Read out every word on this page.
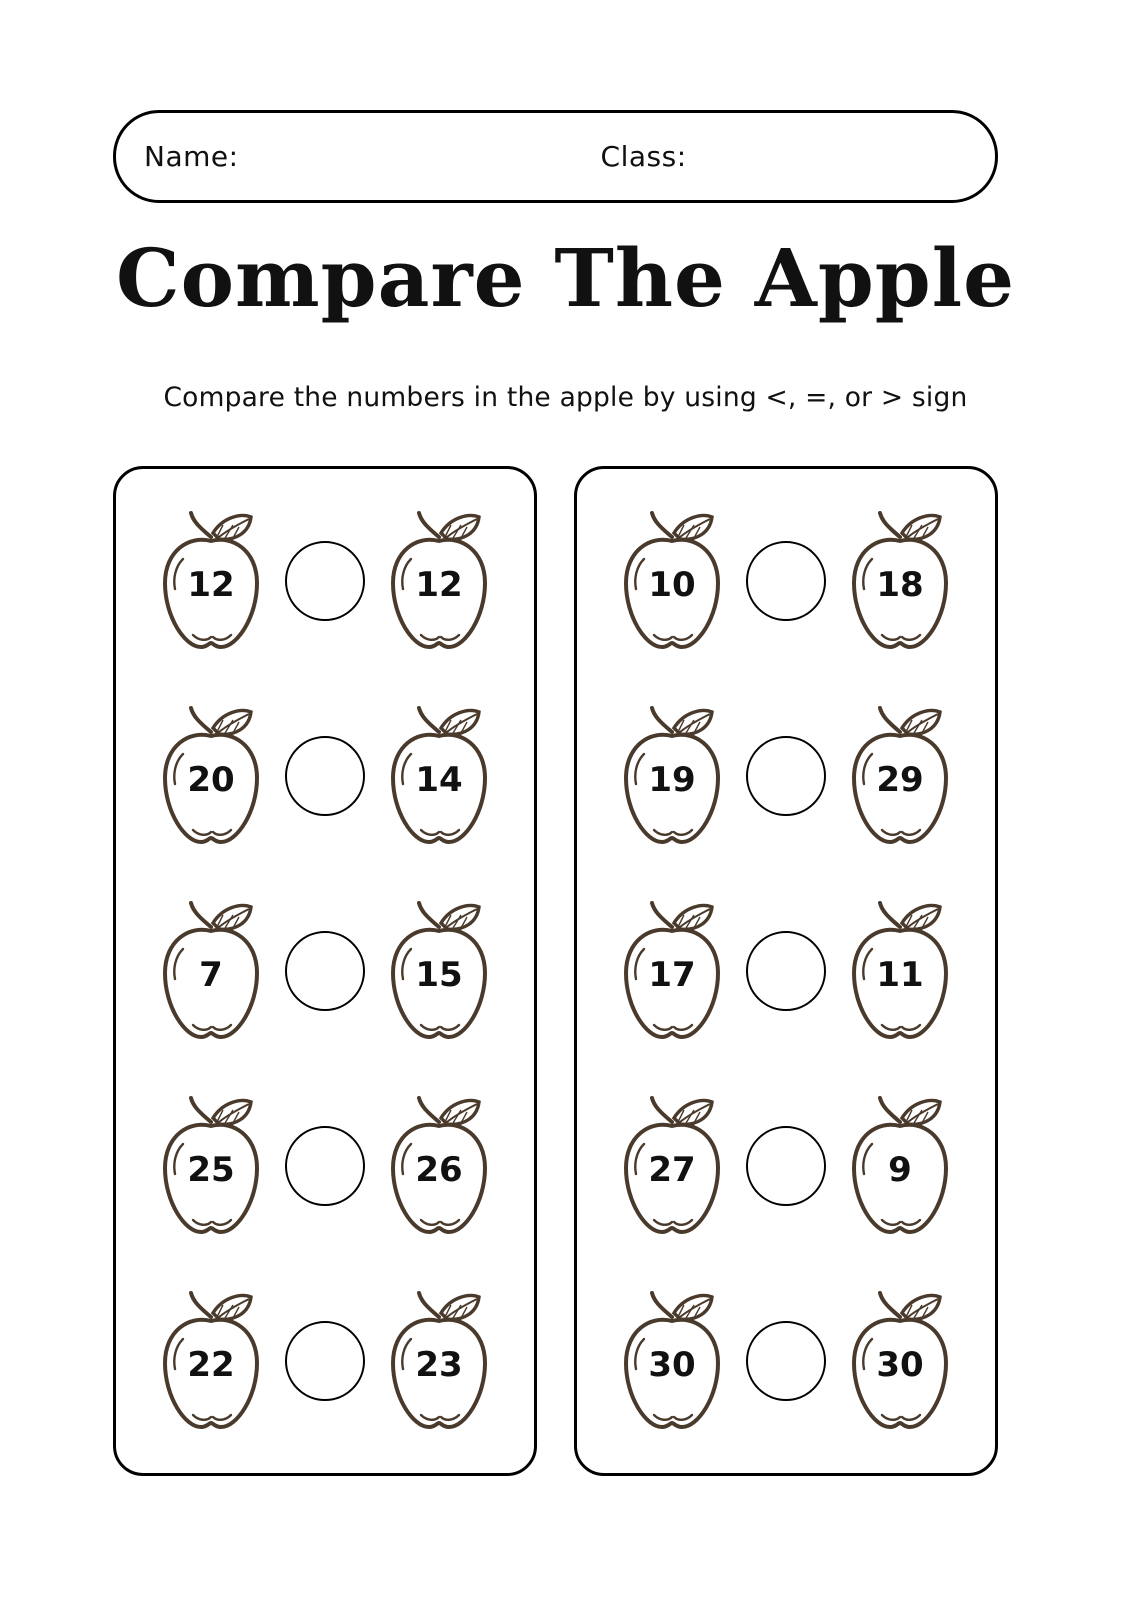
Name:	Class:
Compare The Apple
Compare the numbers in the apple by using <, =, or > sign
12	12
20	14
7	15
25	26
22	23
10	18
19	29
17	11
27	9
30	30
